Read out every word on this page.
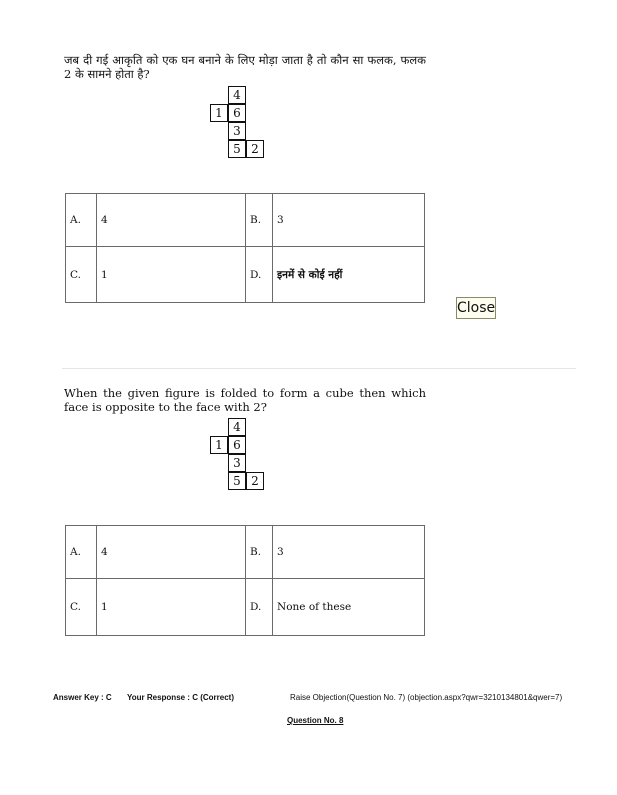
जब दी गई आकृति को एक घन बनाने के लिए मोड़ा जाता है तो कौन सा फलक, फलक 2 के सामने होता है?
4
1 6
3
5 2
A.	4	B.	3
C.	1	D.	इनमें से कोई नहीं
Close
When the given figure is folded to form a cube then which face is opposite to the face with 2?
4
1 6
3
5 2
A.	4	B.	3
C.	1	D.	None of these
Answer Key : C Your Response : C (Correct)	Raise Objection(Question No. 7) (objection.aspx?qwr=3210134801&qwer=7)
Question No. 8
